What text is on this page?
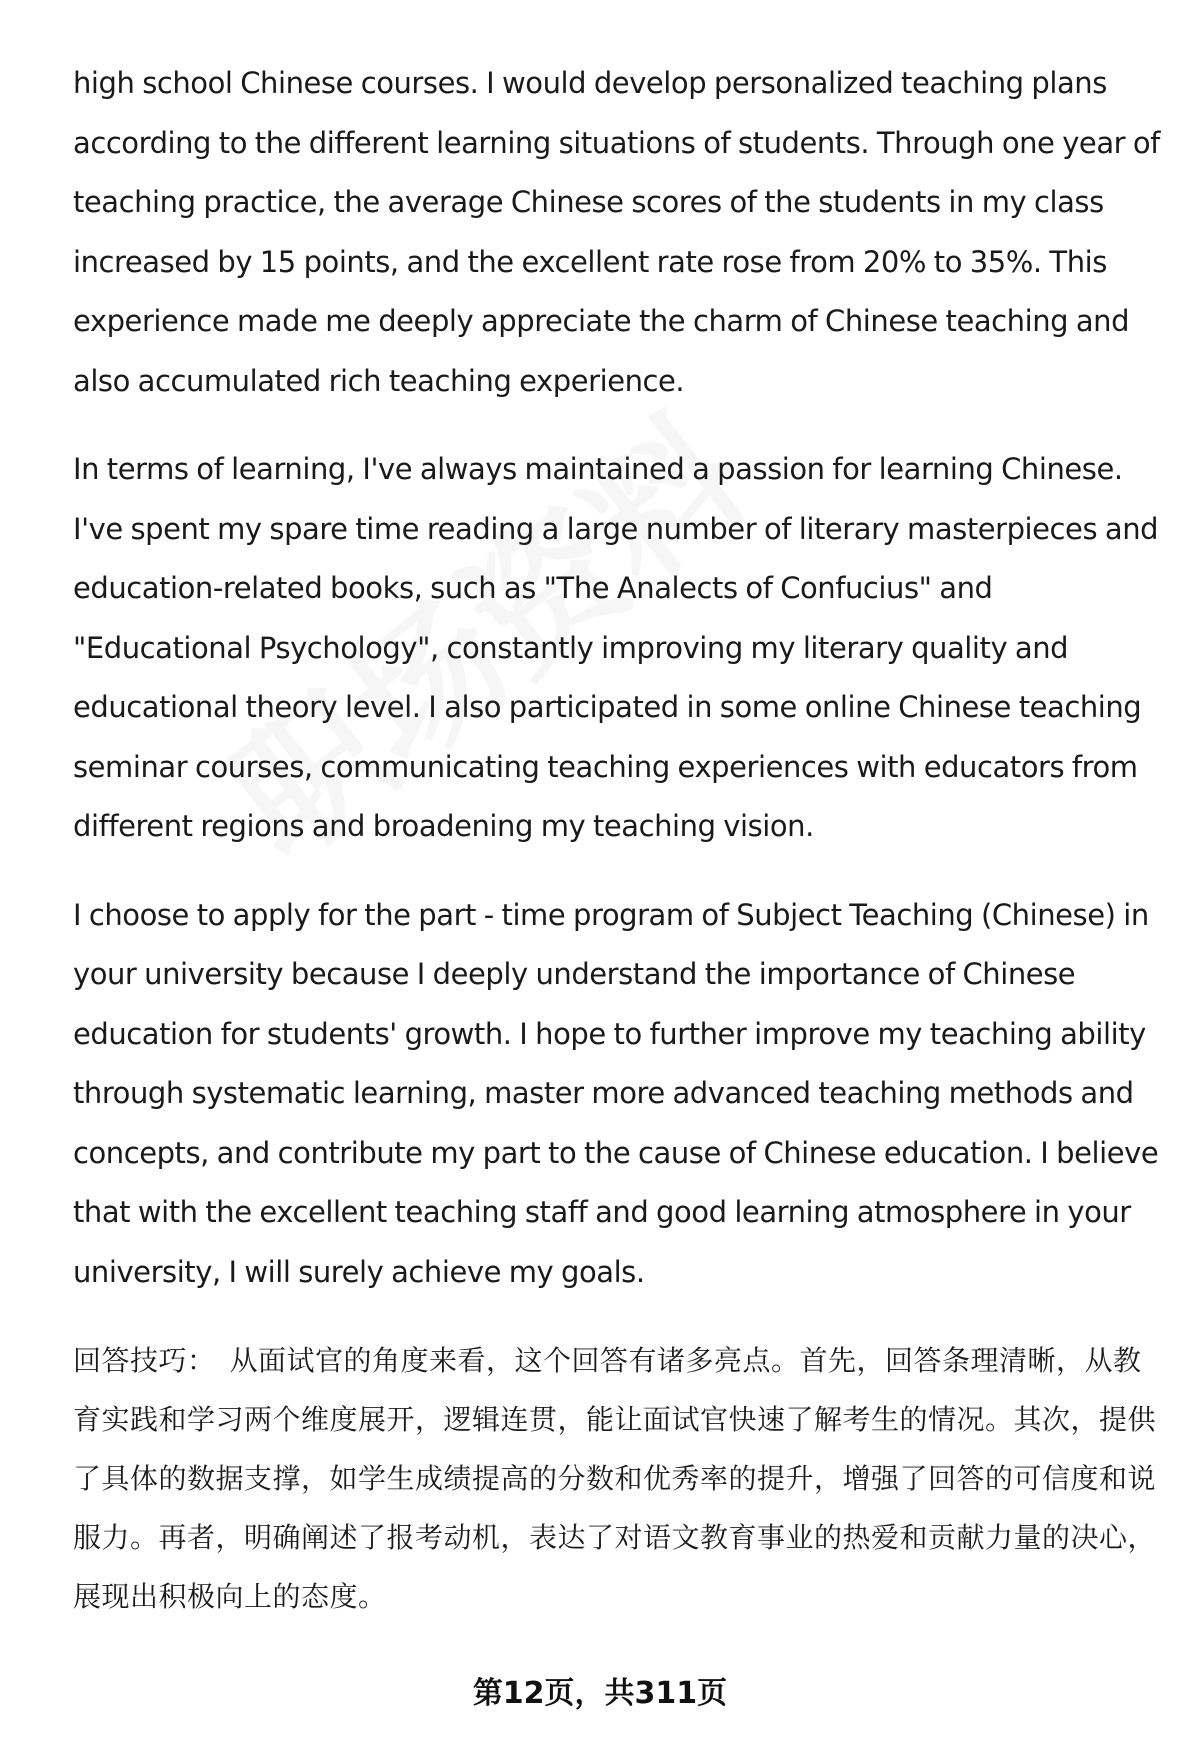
high school Chinese courses. I would develop personalized teaching plans according to the different learning situations of students. Through one year of teaching practice, the average Chinese scores of the students in my class increased by 15 points, and the excellent rate rose from 20% to 35%. This experience made me deeply appreciate the charm of Chinese teaching and also accumulated rich teaching experience.

In terms of learning, I've always maintained a passion for learning Chinese. I've spent my spare time reading a large number of literary masterpieces and education-related books, such as "The Analects of Confucius" and "Educational Psychology", constantly improving my literary quality and educational theory level. I also participated in some online Chinese teaching seminar courses, communicating teaching experiences with educators from different regions and broadening my teaching vision.

I choose to apply for the part - time program of Subject Teaching (Chinese) in your university because I deeply understand the importance of Chinese education for students' growth. I hope to further improve my teaching ability through systematic learning, master more advanced teaching methods and concepts, and contribute my part to the cause of Chinese education. I believe that with the excellent teaching staff and good learning atmosphere in your university, I will surely achieve my goals.

回答技巧： 从面试官的角度来看，这个回答有诸多亮点。首先，回答条理清晰，从教育实践和学习两个维度展开，逻辑连贯，能让面试官快速了解考生的情况。其次，提供了具体的数据支撑，如学生成绩提高的分数和优秀率的提升，增强了回答的可信度和说服力。再者，明确阐述了报考动机，表达了对语文教育事业的热爱和贡献力量的决心，展现出积极向上的态度。

第12页，共311页
